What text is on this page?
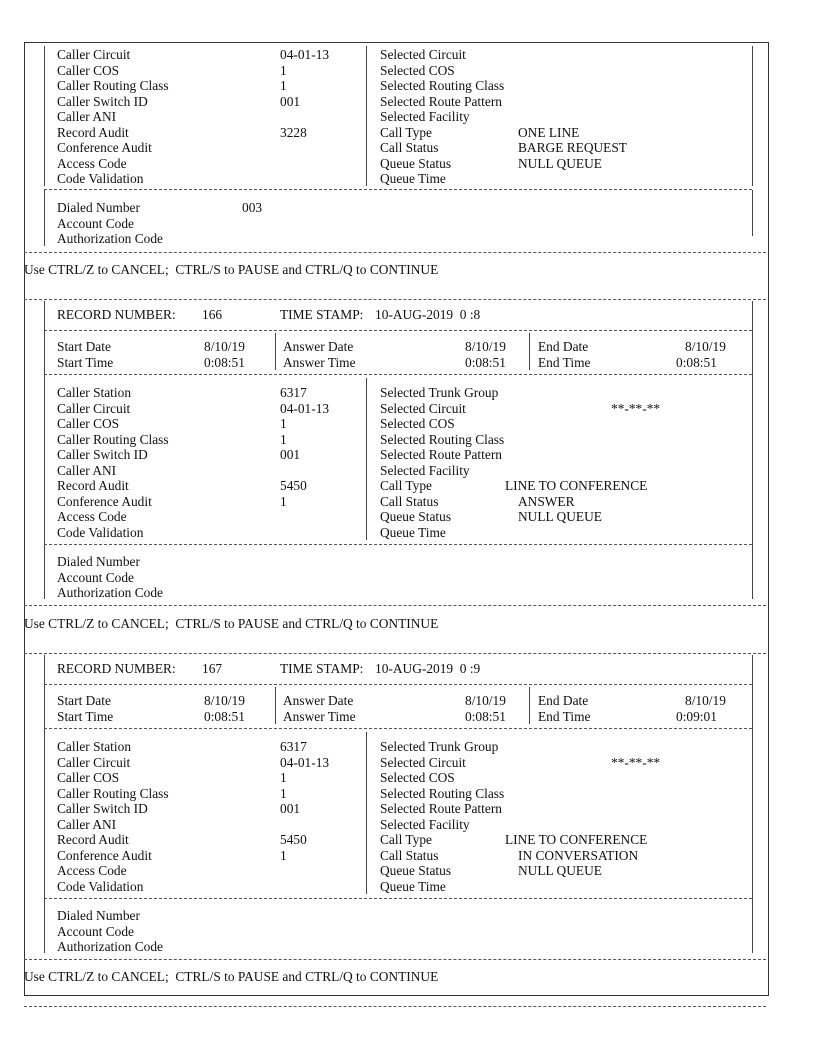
Caller Circuit	04-01-13	Selected Circuit
Caller COS	1	Selected COS
Caller Routing Class	1	Selected Routing Class
Caller Switch ID	001	Selected Route Pattern
Caller ANI	Selected Facility
Record Audit	3228	Call Type	ONE LINE
Conference Audit	Call Status	BARGE REQUEST
Access Code	Queue Status	NULL QUEUE
Code Validation	Queue Time
Dialed Number	003
Account Code
Authorization Code
Use CTRL/Z to CANCEL;  CTRL/S to PAUSE and CTRL/Q to CONTINUE
RECORD NUMBER: 166	TIME STAMP: 10-AUG-2019  0 :8
Start Date	8/10/19	Answer Date	8/10/19 End Date	8/10/19
Start Time	0:08:51	Answer Time	0:08:51 End Time	0:08:51
Caller Station	6317	Selected Trunk Group
Caller Circuit	04-01-13	Selected Circuit	**-**-**
Caller COS	1	Selected COS
Caller Routing Class	1	Selected Routing Class
Caller Switch ID	001	Selected Route Pattern
Caller ANI	Selected Facility
Record Audit	5450	Call Type	LINE TO CONFERENCE
Conference Audit	1	Call Status	ANSWER
Access Code	Queue Status	NULL QUEUE
Code Validation	Queue Time
Dialed Number
Account Code
Authorization Code
Use CTRL/Z to CANCEL;  CTRL/S to PAUSE and CTRL/Q to CONTINUE
RECORD NUMBER: 167	TIME STAMP: 10-AUG-2019  0 :9
Start Date	8/10/19	Answer Date	8/10/19 End Date	8/10/19
Start Time	0:08:51	Answer Time	0:08:51 End Time	0:09:01
Caller Station	6317	Selected Trunk Group
Caller Circuit	04-01-13	Selected Circuit	**-**-**
Caller COS	1	Selected COS
Caller Routing Class	1	Selected Routing Class
Caller Switch ID	001	Selected Route Pattern
Caller ANI	Selected Facility
Record Audit	5450	Call Type	LINE TO CONFERENCE
Conference Audit	1	Call Status	IN CONVERSATION
Access Code	Queue Status	NULL QUEUE
Code Validation	Queue Time
Dialed Number
Account Code
Authorization Code
Use CTRL/Z to CANCEL;  CTRL/S to PAUSE and CTRL/Q to CONTINUE
